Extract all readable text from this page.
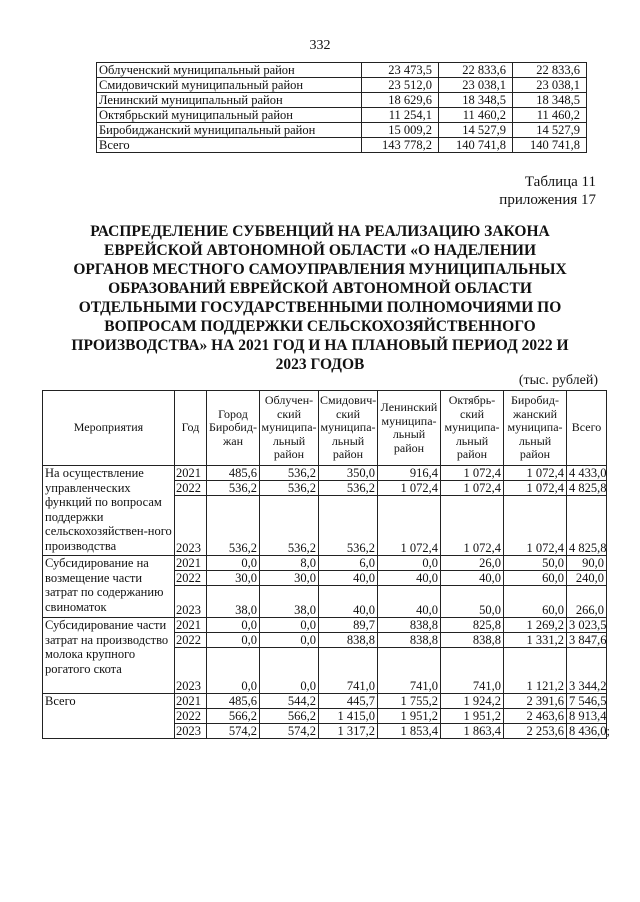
332
Облученский муниципальный район	23 473,5	22 833,6	22 833,6
Смидовичский муниципальный район	23 512,0	23 038,1	23 038,1
Ленинский муниципальный район	18 629,6	18 348,5	18 348,5
Октябрьский муниципальный район	11 254,1	11 460,2	11 460,2
Биробиджанский муниципальный район	15 009,2	14 527,9	14 527,9
Всего	143 778,2	140 741,8	140 741,8
Таблица 11
приложения 17
РАСПРЕДЕЛЕНИЕ СУБВЕНЦИЙ НА РЕАЛИЗАЦИЮ ЗАКОНА ЕВРЕЙСКОЙ АВТОНОМНОЙ ОБЛАСТИ «О НАДЕЛЕНИИ ОРГАНОВ МЕСТНОГО САМОУПРАВЛЕНИЯ МУНИЦИПАЛЬНЫХ ОБРАЗОВАНИЙ ЕВРЕЙСКОЙ АВТОНОМНОЙ ОБЛАСТИ ОТДЕЛЬНЫМИ ГОСУДАРСТВЕННЫМИ ПОЛНОМОЧИЯМИ ПО ВОПРОСАМ ПОДДЕРЖКИ СЕЛЬСКОХОЗЯЙСТВЕННОГО ПРОИЗВОДСТВА» НА 2021 ГОД И НА ПЛАНОВЫЙ ПЕРИОД 2022 И 2023 ГОДОВ
(тыс. рублей)
Мероприятия	Год	Город Биробид-жан	Облучен-ский муниципа-льный район	Смидович-ский муниципа-льный район	Ленинский муниципа-льный район	Октябрь-ский муниципа-льный район	Биробид-жанский муниципа-льный район	Всего
На осуществление управленческих функций по вопросам поддержки сельскохозяйствен-ного производства	2021	485,6	536,2	350,0	916,4	1 072,4	1 072,4	4 433,0
	2022	536,2	536,2	536,2	1 072,4	1 072,4	1 072,4	4 825,8
	2023	536,2	536,2	536,2	1 072,4	1 072,4	1 072,4	4 825,8
Субсидирование на возмещение части затрат по содержанию свиноматок	2021	0,0	8,0	6,0	0,0	26,0	50,0	90,0
	2022	30,0	30,0	40,0	40,0	40,0	60,0	240,0
	2023	38,0	38,0	40,0	40,0	50,0	60,0	266,0
Субсидирование части затрат на производство молока крупного рогатого скота	2021	0,0	0,0	89,7	838,8	825,8	1 269,2	3 023,5
	2022	0,0	0,0	838,8	838,8	838,8	1 331,2	3 847,6
	2023	0,0	0,0	741,0	741,0	741,0	1 121,2	3 344,2
Всего	2021	485,6	544,2	445,7	1 755,2	1 924,2	2 391,6	7 546,5
	2022	566,2	566,2	1 415,0	1 951,2	1 951,2	2 463,6	8 913,4
	2023	574,2	574,2	1 317,2	1 853,4	1 863,4	2 253,6	8 436,0;
